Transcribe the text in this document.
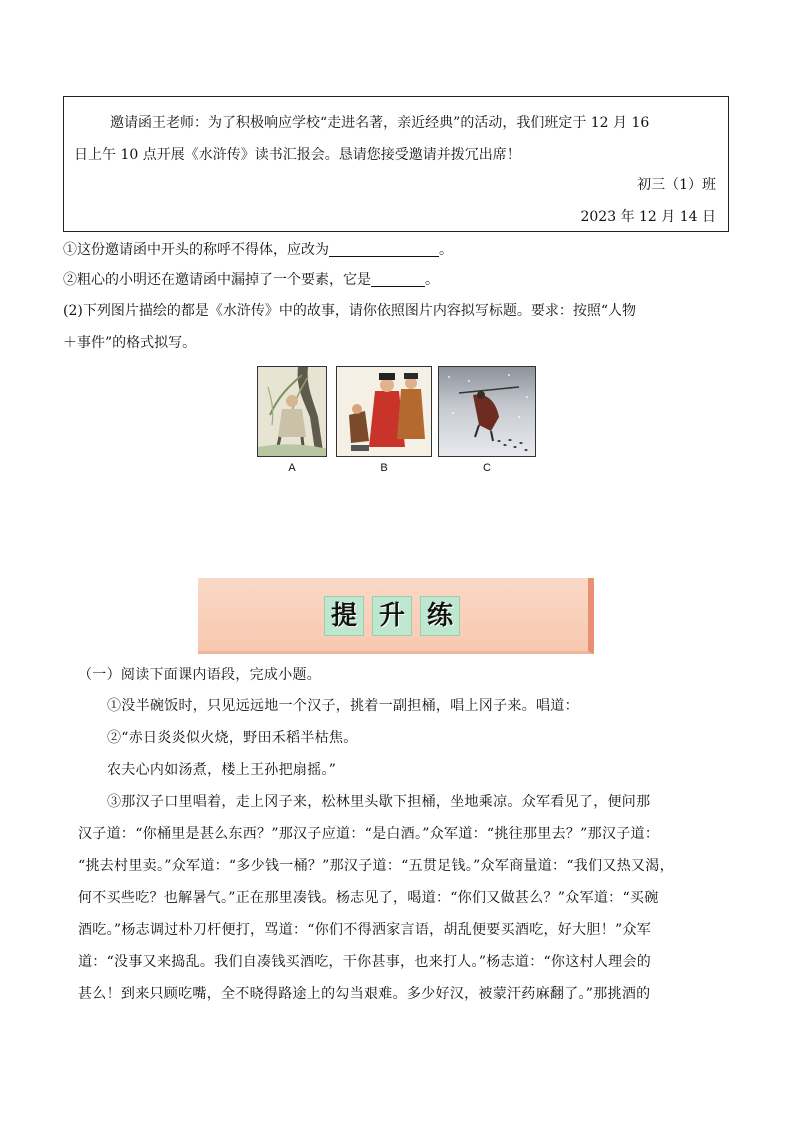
邀请函王老师：为了积极响应学校“走进名著，亲近经典”的活动，我们班定于 12 月 16
日上午 10 点开展《水浒传》读书汇报会。恳请您接受邀请并拨冗出席！
初三（1）班
2023 年 12 月 14 日
①这份邀请函中开头的称呼不得体，应改为	。
②粗心的小明还在邀请函中漏掉了一个要素，它是	。
(2)下列图片描绘的都是《水浒传》中的故事，请你依照图片内容拟写标题。要求：按照“人物
＋事件”的格式拟写。
A	B	C
提 升 练
（一）阅读下面课内语段，完成小题。
①没半碗饭时，只见远远地一个汉子，挑着一副担桶，唱上冈子来。唱道：
②“赤日炎炎似火烧，野田禾稻半枯焦。
农夫心内如汤煮，楼上王孙把扇摇。”
③那汉子口里唱着，走上冈子来，松林里头歇下担桶，坐地乘凉。众军看见了，便问那
汉子道：“你桶里是甚么东西？”那汉子应道：“是白酒。”众军道：“挑往那里去？”那汉子道：
“挑去村里卖。”众军道：“多少钱一桶？”那汉子道：“五贯足钱。”众军商量道：“我们又热又渴，
何不买些吃？也解暑气。”正在那里凑钱。杨志见了，喝道：“你们又做甚么？”众军道：“买碗
酒吃。”杨志调过朴刀杆便打，骂道：“你们不得洒家言语，胡乱便要买酒吃，好大胆！”众军
道：“没事又来捣乱。我们自凑钱买酒吃，干你甚事，也来打人。”杨志道：“你这村人理会的
甚么！到来只顾吃嘴，全不晓得路途上的勾当艰难。多少好汉，被蒙汗药麻翻了。”那挑酒的
